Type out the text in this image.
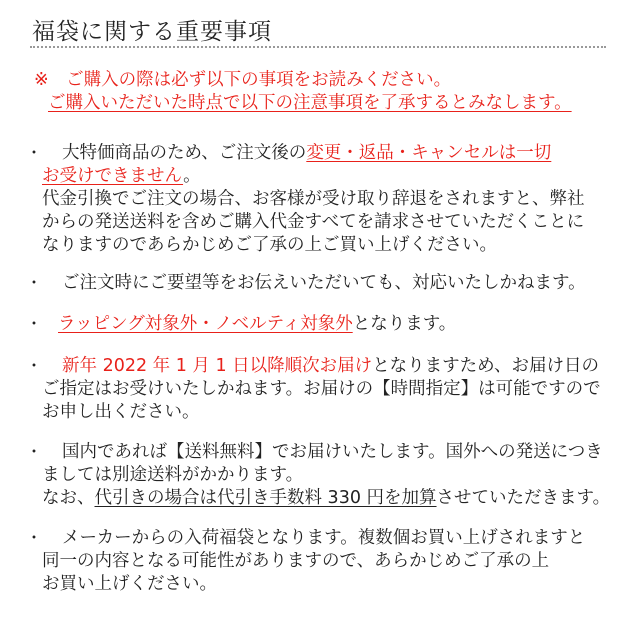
福袋に関する重要事項
※　ご購入の際は必ず以下の事項をお読みください。
ご購入いただいた時点で以下の注意事項を了承するとみなします。
・ 大特価商品のため、ご注文後の変更・返品・キャンセルは一切
お受けできません。
代金引換でご注文の場合、お客様が受け取り辞退をされますと、弊社
からの発送送料を含めご購入代金すべてを請求させていただくことに
なりますのであらかじめご了承の上ご買い上げください。
・ ご注文時にご要望等をお伝えいただいても、対応いたしかねます。
・ ラッピング対象外・ノベルティ対象外となります。
・ 新年 2022 年 1 月 1 日以降順次お届けとなりますため、お届け日の
ご指定はお受けいたしかねます。お届けの【時間指定】は可能ですので
お申し出ください。
・ 国内であれば【送料無料】でお届けいたします。国外への発送につき
ましては別途送料がかかります。
なお、代引きの場合は代引き手数料 330 円を加算させていただきます。
・ メーカーからの入荷福袋となります。複数個お買い上げされますと
同一の内容となる可能性がありますので、あらかじめご了承の上
お買い上げください。
